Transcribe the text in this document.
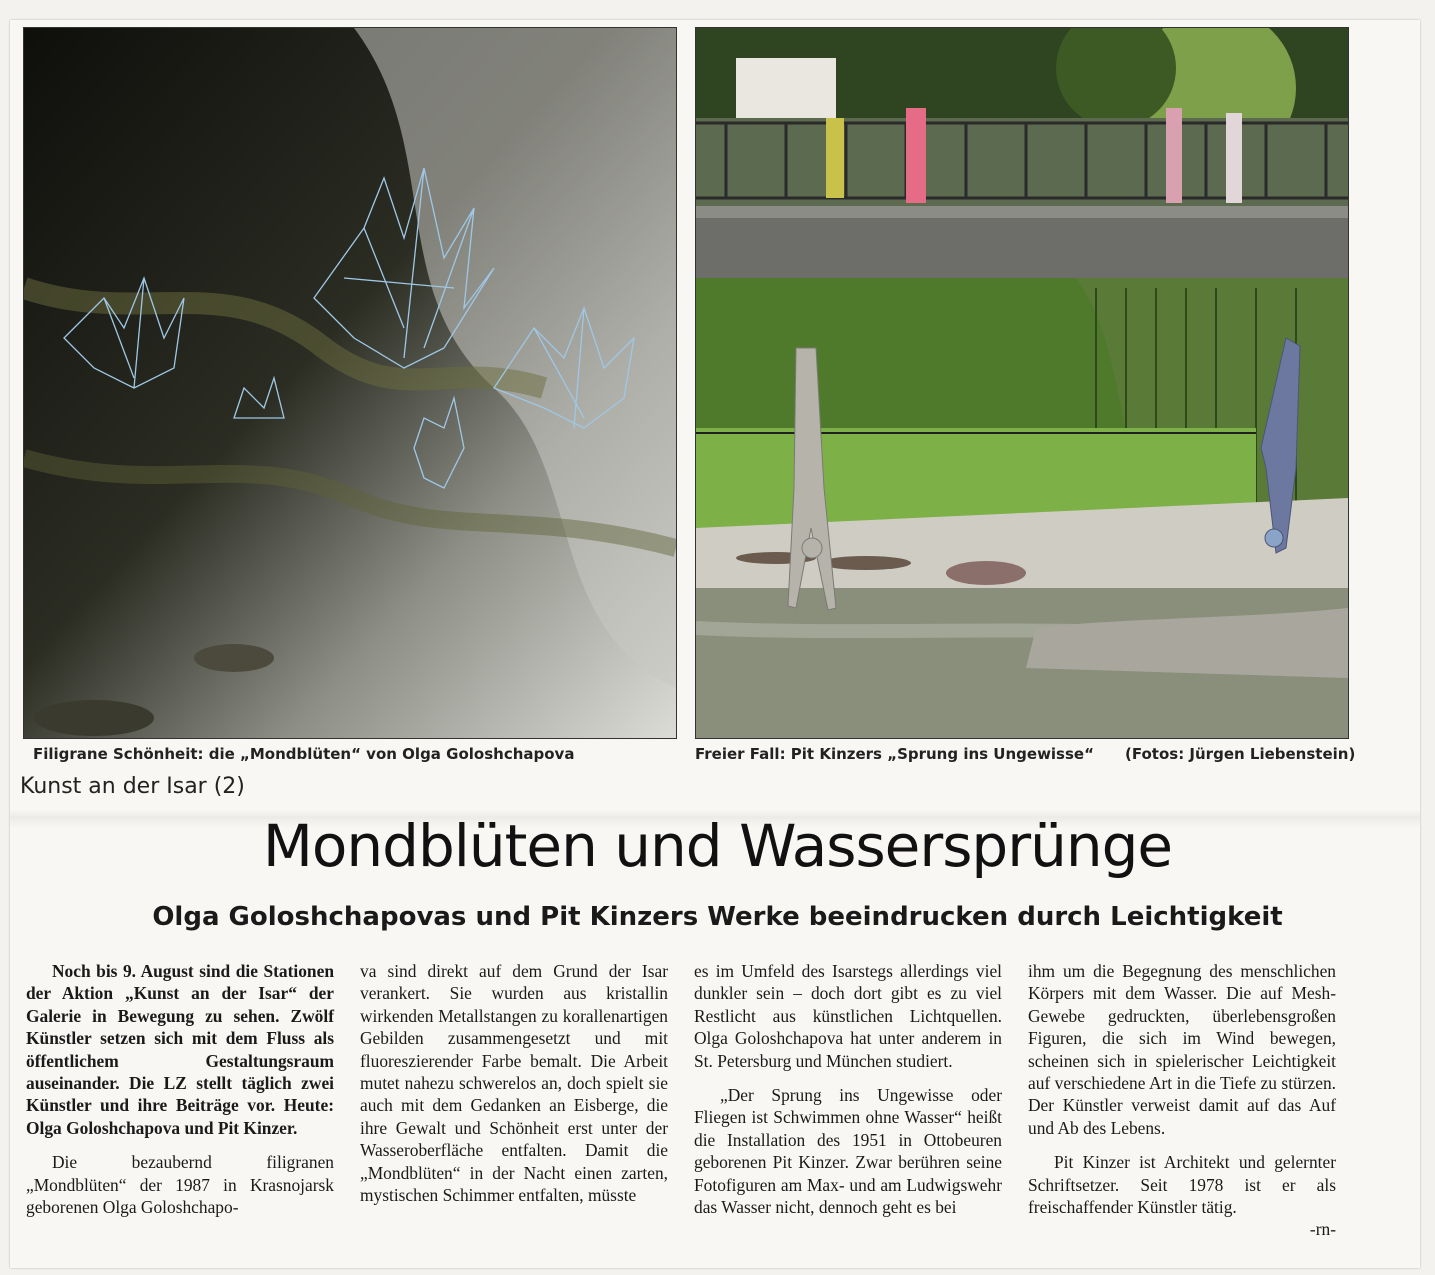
Filigrane Schönheit: die „Mondblüten“ von Olga Goloshchapova	Freier Fall: Pit Kinzers „Sprung ins Ungewisse“ (Fotos: Jürgen Liebenstein)
Kunst an der Isar (2)
Mondblüten und Wassersprünge
Olga Goloshchapovas und Pit Kinzers Werke beeindrucken durch Leichtigkeit

Noch bis 9. August sind die Stationen der Aktion „Kunst an der Isar“ der Galerie in Bewegung zu sehen. Zwölf Künstler setzen sich mit dem Fluss als öffentlichem Gestaltungsraum auseinander. Die LZ stellt täglich zwei Künstler und ihre Beiträge vor. Heute: Olga Goloshchapova und Pit Kinzer.

Die bezaubernd filigranen „Mondblüten“ der 1987 in Krasnojarsk geborenen Olga Goloshchapo-

va sind direkt auf dem Grund der Isar verankert. Sie wurden aus kristallin wirkenden Metallstangen zu korallenartigen Gebilden zusammengesetzt und mit fluoreszierender Farbe bemalt. Die Arbeit mutet nahezu schwerelos an, doch spielt sie auch mit dem Gedanken an Eisberge, die ihre Gewalt und Schönheit erst unter der Wasseroberfläche entfalten. Damit die „Mondblüten“ in der Nacht einen zarten, mystischen Schimmer entfalten, müsste

es im Umfeld des Isarstegs allerdings viel dunkler sein – doch dort gibt es zu viel Restlicht aus künstlichen Lichtquellen. Olga Goloshchapova hat unter anderem in St. Petersburg und München studiert.

„Der Sprung ins Ungewisse oder Fliegen ist Schwimmen ohne Wasser“ heißt die Installation des 1951 in Ottobeuren geborenen Pit Kinzer. Zwar berühren seine Fotofiguren am Max- und am Ludwigswehr das Wasser nicht, dennoch geht es bei

ihm um die Begegnung des menschlichen Körpers mit dem Wasser. Die auf Mesh-Gewebe gedruckten, überlebensgroßen Figuren, die sich im Wind bewegen, scheinen sich in spielerischer Leichtigkeit auf verschiedene Art in die Tiefe zu stürzen. Der Künstler verweist damit auf das Auf und Ab des Lebens.

Pit Kinzer ist Architekt und gelernter Schriftsetzer. Seit 1978 ist er als freischaffender Künstler tätig.

-rn-
